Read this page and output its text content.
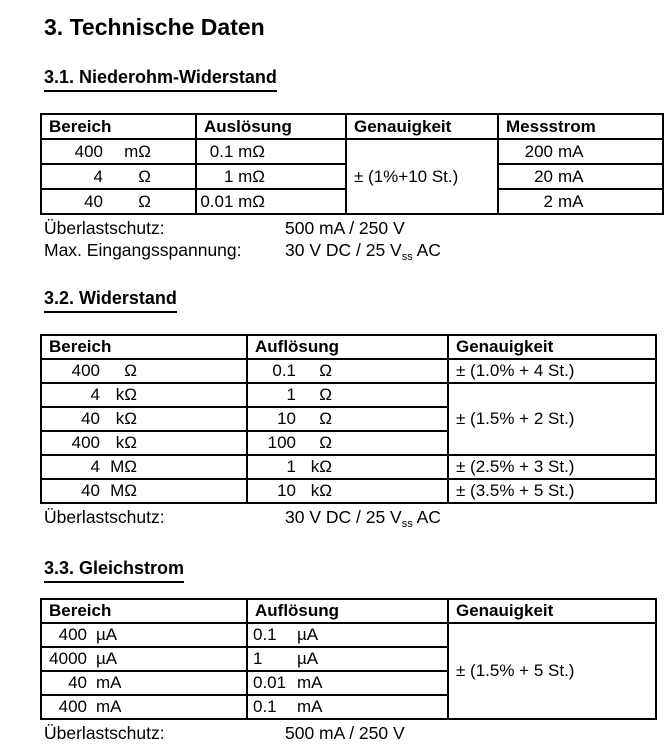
3. Technische Daten
3.1. Niederohm-Widerstand
Bereich	Auslösung	Genauigkeit	Messstrom
400 mΩ	0.1 mΩ	± (1%+10 St.)	200 mA
4 Ω	1 mΩ		20 mA
40 Ω	0.01 mΩ		2 mA
Überlastschutz:	500 mA / 250 V
Max. Eingangsspannung: 30 V DC / 25 $V_{ss}$ AC
3.2. Widerstand
Bereich	Auflösung	Genauigkeit
400 Ω	0.1 Ω	± (1.0% + 4 St.)
4 kΩ	1 Ω	± (1.5% + 2 St.)
40 kΩ	10 Ω	
400 kΩ	100 Ω	
4 MΩ	1 kΩ	± (2.5% + 3 St.)
40 MΩ	10 kΩ	± (3.5% + 5 St.)
Überlastschutz:	30 V DC / 25 $V_{ss}$ AC
3.3. Gleichstrom
Bereich	Auflösung	Genauigkeit
400 µA	0.1 µA	± (1.5% + 5 St.)
4000 µA	1 µA	
40 mA	0.01 mA	
400 mA	0.1 mA	
Überlastschutz:	500 mA / 250 V
